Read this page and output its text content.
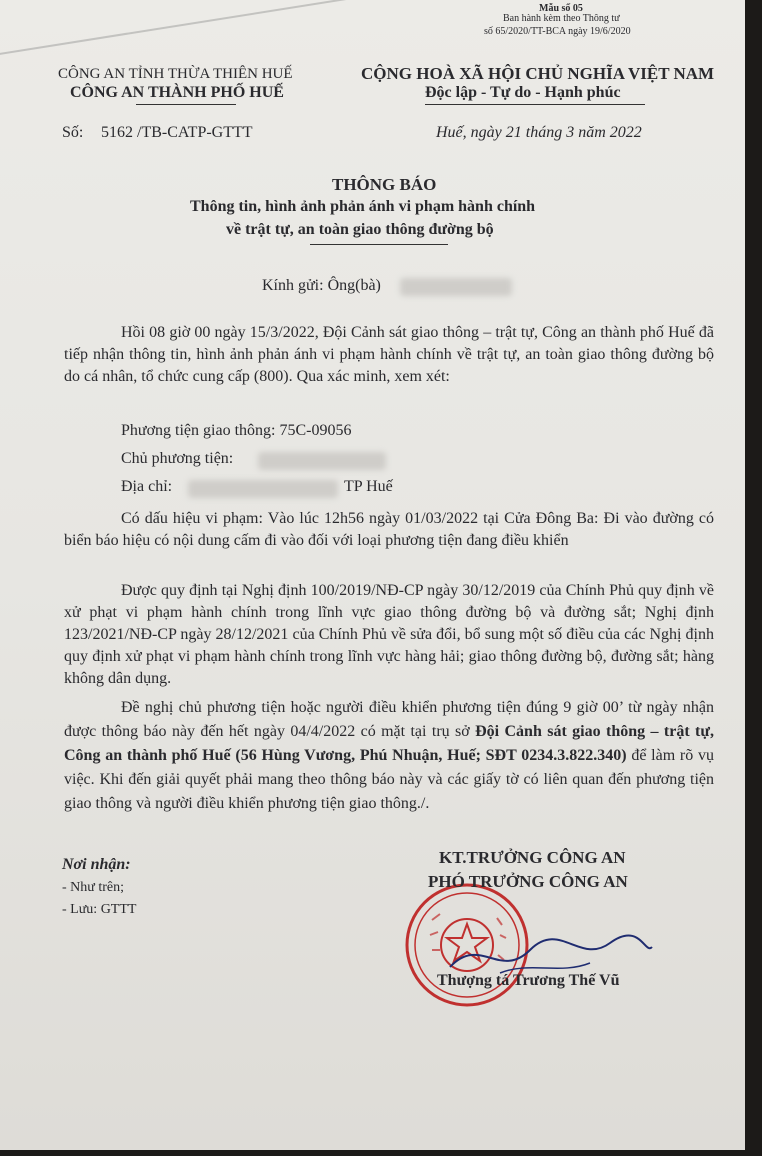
Mẫu số 05
Ban hành kèm theo Thông tư
số 65/2020/TT-BCA ngày 19/6/2020
CÔNG AN TỈNH THỪA THIÊN HUẾ
CÔNG AN THÀNH PHỐ HUẾ
CỘNG HOÀ XÃ HỘI CHỦ NGHĨA VIỆT NAM
Độc lập - Tự do - Hạnh phúc
Số: 5162 /TB-CATP-GTTT	Huế, ngày 21 tháng 3 năm 2022
THÔNG BÁO
Thông tin, hình ảnh phản ánh vi phạm hành chính
về trật tự, an toàn giao thông đường bộ
Kính gửi: Ông(bà)
Hồi 08 giờ 00 ngày 15/3/2022, Đội Cảnh sát giao thông – trật tự, Công an thành phố Huế đã tiếp nhận thông tin, hình ảnh phản ánh vi phạm hành chính về trật tự, an toàn giao thông đường bộ do cá nhân, tổ chức cung cấp (800). Qua xác minh, xem xét:
Phương tiện giao thông: 75C-09056
Chủ phương tiện:
Địa chỉ:	TP Huế
Có dấu hiệu vi phạm: Vào lúc 12h56 ngày 01/03/2022 tại Cửa Đông Ba: Đi vào đường có biển báo hiệu có nội dung cấm đi vào đối với loại phương tiện đang điều khiển
Được quy định tại Nghị định 100/2019/NĐ-CP ngày 30/12/2019 của Chính Phủ quy định về xử phạt vi phạm hành chính trong lĩnh vực giao thông đường bộ và đường sắt; Nghị định 123/2021/NĐ-CP ngày 28/12/2021 của Chính Phủ về sửa đổi, bổ sung một số điều của các Nghị định quy định xử phạt vi phạm hành chính trong lĩnh vực hàng hải; giao thông đường bộ, đường sắt; hàng không dân dụng.
Đề nghị chủ phương tiện hoặc người điều khiển phương tiện đúng 9 giờ 00’ từ ngày nhận được thông báo này đến hết ngày 04/4/2022 có mặt tại trụ sở Đội Cảnh sát giao thông – trật tự, Công an thành phố Huế (56 Hùng Vương, Phú Nhuận, Huế; SĐT 0234.3.822.340) để làm rõ vụ việc. Khi đến giải quyết phải mang theo thông báo này và các giấy tờ có liên quan đến phương tiện giao thông và người điều khiển phương tiện giao thông./.
Nơi nhận:
- Như trên;
- Lưu: GTTT
KT.TRƯỞNG CÔNG AN
PHÓ TRƯỞNG CÔNG AN
Thượng tá Trương Thế Vũ
